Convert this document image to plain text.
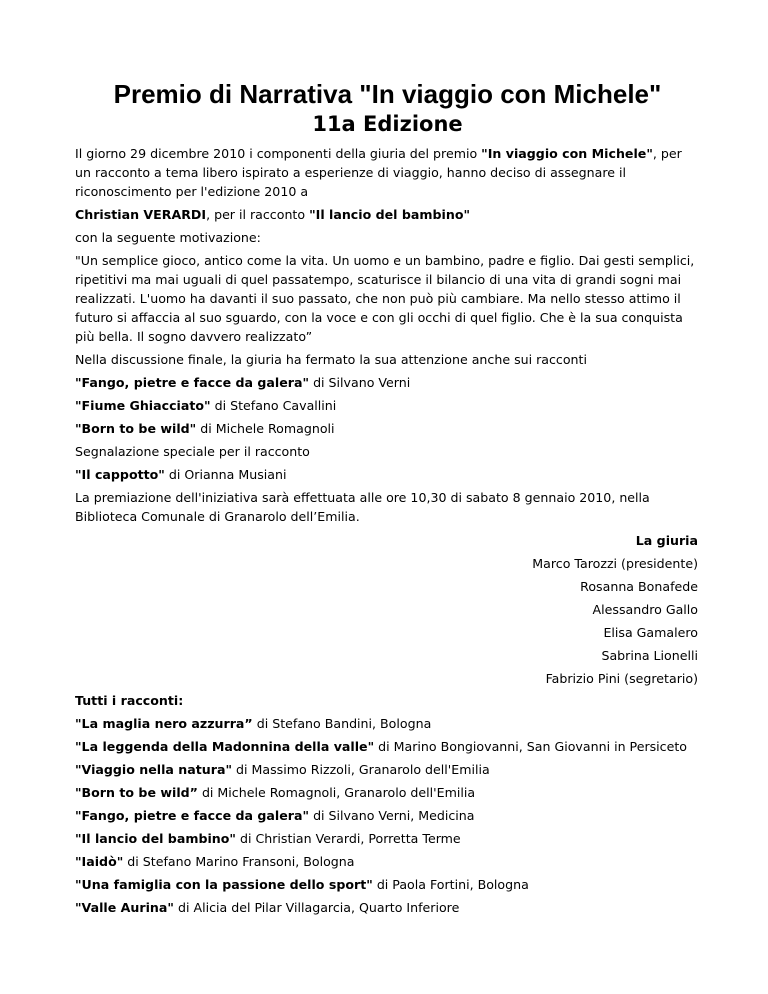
Premio di Narrativa "In viaggio con Michele"
11a Edizione

Il giorno 29 dicembre 2010 i componenti della giuria del premio "In viaggio con Michele", per un racconto a tema libero ispirato a esperienze di viaggio, hanno deciso di assegnare il riconoscimento per l'edizione 2010 a

Christian VERARDI, per il racconto "Il lancio del bambino"

con la seguente motivazione:

"Un semplice gioco, antico come la vita. Un uomo e un bambino, padre e figlio. Dai gesti semplici, ripetitivi ma mai uguali di quel passatempo, scaturisce il bilancio di una vita di grandi sogni mai realizzati. L'uomo ha davanti il suo passato, che non può più cambiare. Ma nello stesso attimo il futuro si affaccia al suo sguardo, con la voce e con gli occhi di quel figlio. Che è la sua conquista più bella. Il sogno davvero realizzato”

Nella discussione finale, la giuria ha fermato la sua attenzione anche sui racconti

"Fango, pietre e facce da galera" di Silvano Verni

"Fiume Ghiacciato" di Stefano Cavallini

"Born to be wild" di Michele Romagnoli

Segnalazione speciale per il racconto

"Il cappotto" di Orianna Musiani

La premiazione dell'iniziativa sarà effettuata alle ore 10,30 di sabato 8 gennaio 2010, nella Biblioteca Comunale di Granarolo dell’Emilia.

La giuria

Marco Tarozzi (presidente)

Rosanna Bonafede

Alessandro Gallo

Elisa Gamalero

Sabrina Lionelli

Fabrizio Pini (segretario)

Tutti i racconti:

"La maglia nero azzurra” di Stefano Bandini, Bologna

"La leggenda della Madonnina della valle" di Marino Bongiovanni, San Giovanni in Persiceto

"Viaggio nella natura" di Massimo Rizzoli, Granarolo dell'Emilia

"Born to be wild” di Michele Romagnoli, Granarolo dell'Emilia

"Fango, pietre e facce da galera" di Silvano Verni, Medicina

"Il lancio del bambino" di Christian Verardi, Porretta Terme

"Iaidò" di Stefano Marino Fransoni, Bologna

"Una famiglia con la passione dello sport" di Paola Fortini, Bologna

"Valle Aurina" di Alicia del Pilar Villagarcia, Quarto Inferiore
